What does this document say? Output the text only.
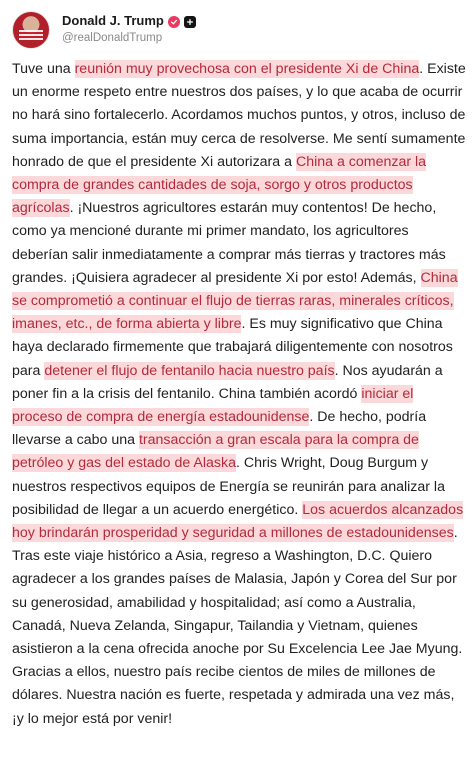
Donald J. Trump
@realDonaldTrump
Tuve una reunión muy provechosa con el presidente Xi de China. Existe un enorme respeto entre nuestros dos países, y lo que acaba de ocurrir no hará sino fortalecerlo. Acordamos muchos puntos, y otros, incluso de suma importancia, están muy cerca de resolverse. Me sentí sumamente honrado de que el presidente Xi autorizara a China a comenzar la compra de grandes cantidades de soja, sorgo y otros productos agrícolas. ¡Nuestros agricultores estarán muy contentos! De hecho, como ya mencioné durante mi primer mandato, los agricultores deberían salir inmediatamente a comprar más tierras y tractores más grandes. ¡Quisiera agradecer al presidente Xi por esto! Además, China se comprometió a continuar el flujo de tierras raras, minerales críticos, imanes, etc., de forma abierta y libre. Es muy significativo que China haya declarado firmemente que trabajará diligentemente con nosotros para detener el flujo de fentanilo hacia nuestro país. Nos ayudarán a poner fin a la crisis del fentanilo. China también acordó iniciar el proceso de compra de energía estadounidense. De hecho, podría llevarse a cabo una transacción a gran escala para la compra de petróleo y gas del estado de Alaska. Chris Wright, Doug Burgum y nuestros respectivos equipos de Energía se reunirán para analizar la posibilidad de llegar a un acuerdo energético. Los acuerdos alcanzados hoy brindarán prosperidad y seguridad a millones de estadounidenses. Tras este viaje histórico a Asia, regreso a Washington, D.C. Quiero agradecer a los grandes países de Malasia, Japón y Corea del Sur por su generosidad, amabilidad y hospitalidad; así como a Australia, Canadá, Nueva Zelanda, Singapur, Tailandia y Vietnam, quienes asistieron a la cena ofrecida anoche por Su Excelencia Lee Jae Myung. Gracias a ellos, nuestro país recibe cientos de miles de millones de dólares. Nuestra nación es fuerte, respetada y admirada una vez más, ¡y lo mejor está por venir!
